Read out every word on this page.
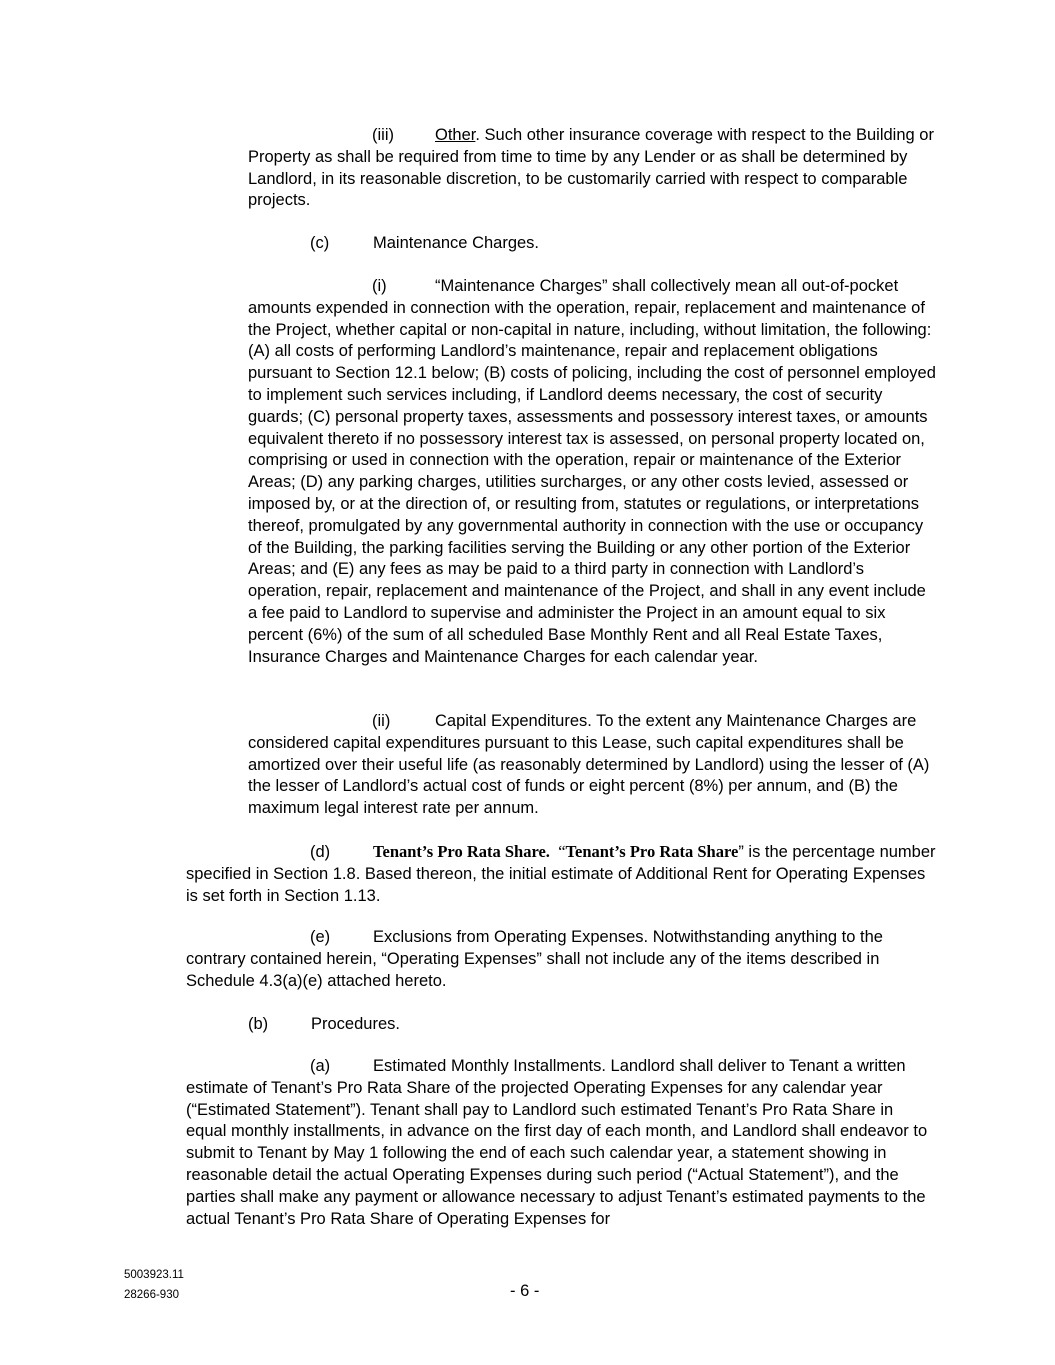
(iii) Other. Such other insurance coverage with respect to the Building or Property as shall be required from time to time by any Lender or as shall be determined by Landlord, in its reasonable discretion, to be customarily carried with respect to comparable projects.

(c)	Maintenance Charges.

(i)	“Maintenance Charges” shall collectively mean all out-of-pocket amounts expended in connection with the operation, repair, replacement and maintenance of the Project, whether capital or non-capital in nature, including, without limitation, the following: (A) all costs of performing Landlord’s maintenance, repair and replacement obligations pursuant to Section 12.1 below; (B) costs of policing, including the cost of personnel employed to implement such services including, if Landlord deems necessary, the cost of security guards; (C) personal property taxes, assessments and possessory interest taxes, or amounts equivalent thereto if no possessory interest tax is assessed, on personal property located on, comprising or used in connection with the operation, repair or maintenance of the Exterior Areas; (D) any parking charges, utilities surcharges, or any other costs levied, assessed or imposed by, or at the direction of, or resulting from, statutes or regulations, or interpretations thereof, promulgated by any governmental authority in connection with the use or occupancy of the Building, the parking facilities serving the Building or any other portion of the Exterior Areas; and (E) any fees as may be paid to a third party in connection with Landlord’s operation, repair, replacement and maintenance of the Project, and shall in any event include a fee paid to Landlord to supervise and administer the Project in an amount equal to six percent (6%) of the sum of all scheduled Base Monthly Rent and all Real Estate Taxes, Insurance Charges and Maintenance Charges for each calendar year.

(ii)	Capital Expenditures. To the extent any Maintenance Charges are considered capital expenditures pursuant to this Lease, such capital expenditures shall be amortized over their useful life (as reasonably determined by Landlord) using the lesser of (A) the lesser of Landlord’s actual cost of funds or eight percent (8%) per annum, and (B) the maximum legal interest rate per annum.

(d)	Tenant’s Pro Rata Share.  “Tenant’s Pro Rata Share” is the percentage number specified in Section 1.8. Based thereon, the initial estimate of Additional Rent for Operating Expenses is set forth in Section 1.13.

(e)	Exclusions from Operating Expenses. Notwithstanding anything to the contrary contained herein, “Operating Expenses” shall not include any of the items described in Schedule 4.3(a)(e) attached hereto.

(b)	Procedures.

(a)	Estimated Monthly Installments. Landlord shall deliver to Tenant a written estimate of Tenant’s Pro Rata Share of the projected Operating Expenses for any calendar year (“Estimated Statement”). Tenant shall pay to Landlord such estimated Tenant’s Pro Rata Share in equal monthly installments, in advance on the first day of each month, and Landlord shall endeavor to submit to Tenant by May 1 following the end of each such calendar year, a statement showing in reasonable detail the actual Operating Expenses during such period (“Actual Statement”), and the parties shall make any payment or allowance necessary to adjust Tenant’s estimated payments to the actual Tenant’s Pro Rata Share of Operating Expenses for

5003923.11
28266-930	- 6 -
